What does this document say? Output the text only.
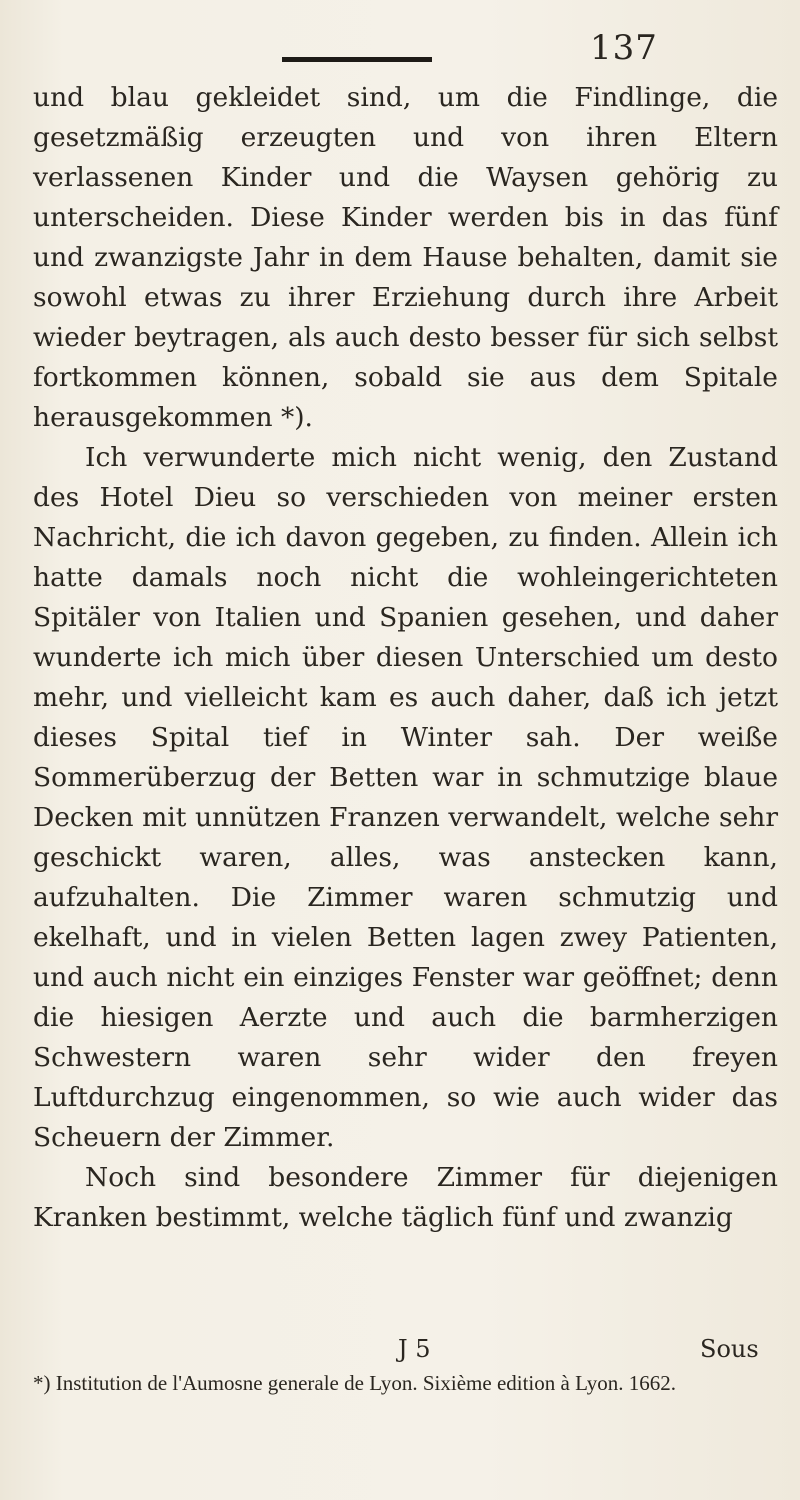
137

und blau gekleidet sind, um die Findlinge, die gesetzmäßig erzeugten und von ihren Eltern verlassenen Kinder und die Waysen gehörig zu unterscheiden. Diese Kinder werden bis in das fünf und zwanzigste Jahr in dem Hause behalten, damit sie sowohl etwas zu ihrer Erziehung durch ihre Arbeit wieder beytragen, als auch desto besser für sich selbst fortkommen können, sobald sie aus dem Spitale herausgekommen *).

Ich verwunderte mich nicht wenig, den Zustand des Hotel Dieu so verschieden von meiner ersten Nachricht, die ich davon gegeben, zu finden. Allein ich hatte damals noch nicht die wohleingerichteten Spitäler von Italien und Spanien gesehen, und daher wunderte ich mich über diesen Unterschied um desto mehr, und vielleicht kam es auch daher, daß ich jetzt dieses Spital tief in Winter sah. Der weiße Sommerüberzug der Betten war in schmutzige blaue Decken mit unnützen Franzen verwandelt, welche sehr geschickt waren, alles, was anstecken kann, aufzuhalten. Die Zimmer waren schmutzig und ekelhaft, und in vielen Betten lagen zwey Patienten, und auch nicht ein einziges Fenster war geöffnet; denn die hiesigen Aerzte und auch die barmherzigen Schwestern waren sehr wider den freyen Luftdurchzug eingenommen, so wie auch wider das Scheuern der Zimmer.

Noch sind besondere Zimmer für diejenigen Kranken bestimmt, welche täglich fünf und zwanzig

J 5	Sous
*) Institution de l'Aumosne generale de Lyon. Sixième edition à Lyon. 1662.
